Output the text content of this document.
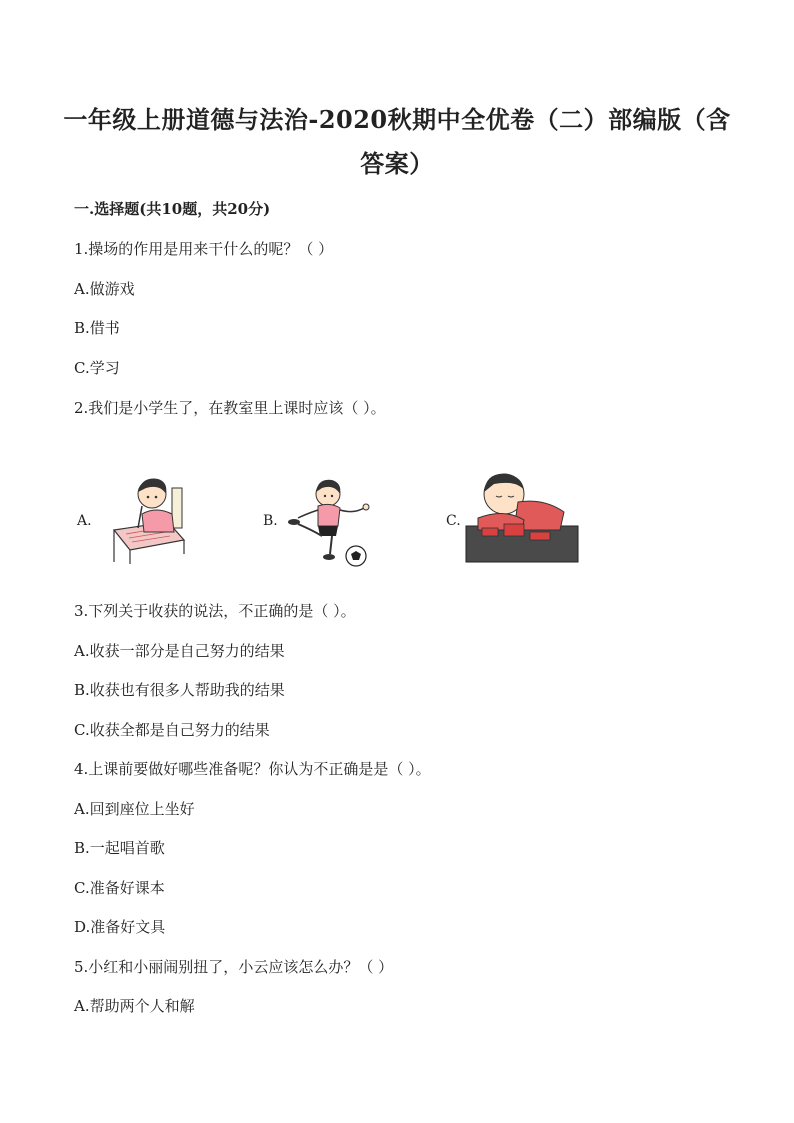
一年级上册道德与法治-2020秋期中全优卷（二）部编版（含答案）
一.选择题(共10题，共20分)
1.操场的作用是用来干什么的呢？（ ）
A.做游戏
B.借书
C.学习
2.我们是小学生了，在教室里上课时应该（ ）。
A.	B.	C.
3.下列关于收获的说法，不正确的是（ ）。
A.收获一部分是自己努力的结果
B.收获也有很多人帮助我的结果
C.收获全都是自己努力的结果
4.上课前要做好哪些准备呢？你认为不正确是是（ ）。
A.回到座位上坐好
B.一起唱首歌
C.准备好课本
D.准备好文具
5.小红和小丽闹别扭了，小云应该怎么办？（ ）
A.帮助两个人和解
